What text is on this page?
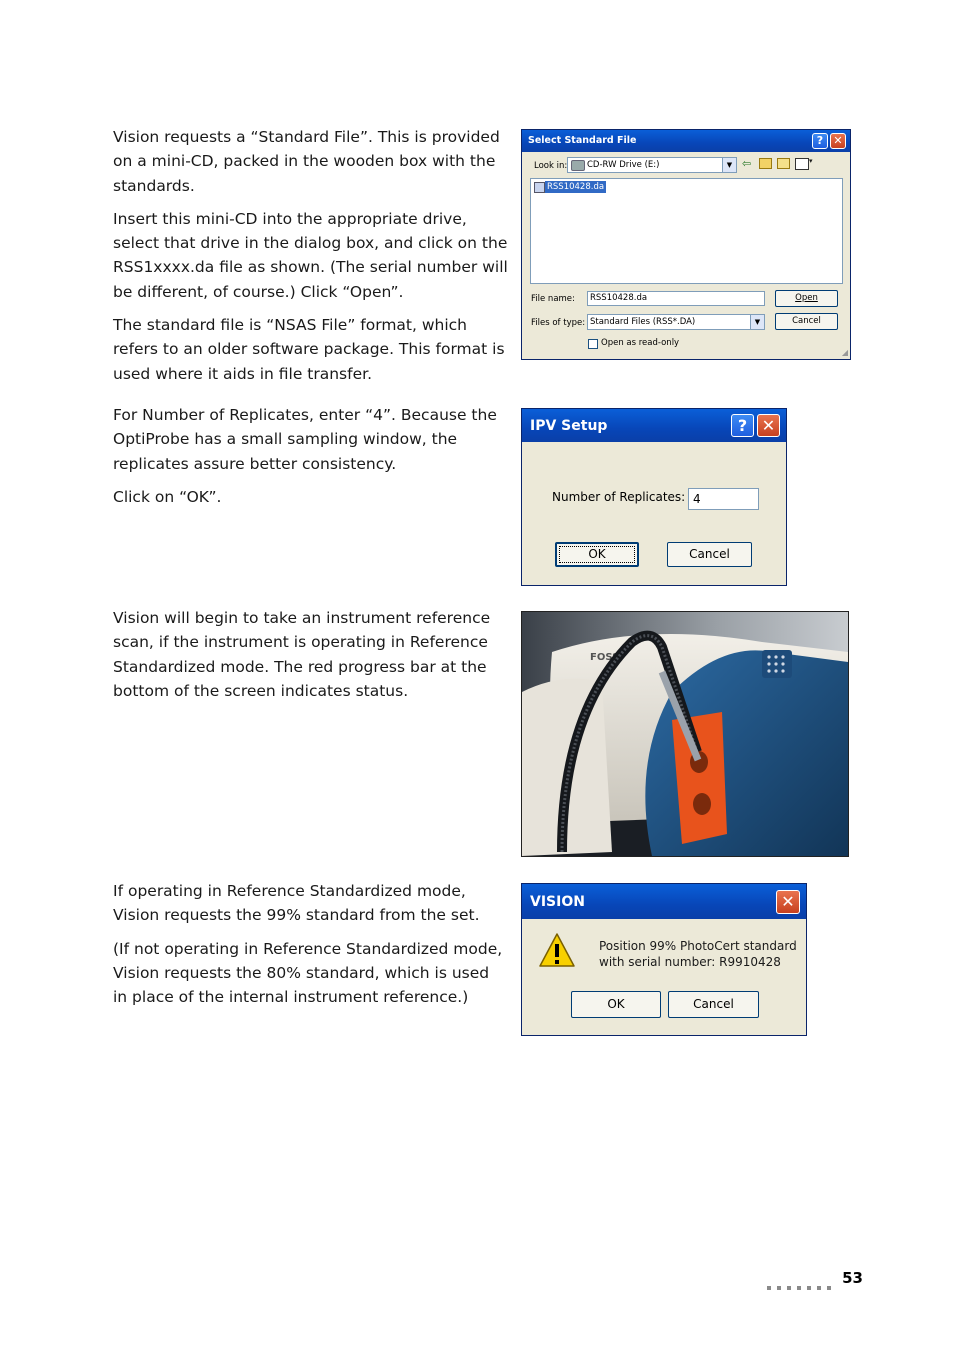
Vision requests a “Standard File”. This is provided on a mini-CD, packed in the wooden box with the standards.

Insert this mini-CD into the appropriate drive, select that drive in the dialog box, and click on the RSS1xxxx.da file as shown. (The serial number will be different, of course.) Click “Open”.

The standard file is “NSAS File” format, which refers to an older software package. This format is used where it aids in file transfer.

For Number of Replicates, enter “4”. Because the OptiProbe has a small sampling window, the replicates assure better consistency.

Click on “OK”.

Vision will begin to take an instrument reference scan, if the instrument is operating in Reference Standardized mode. The red progress bar at the bottom of the screen indicates status.

If operating in Reference Standardized mode, Vision requests the 99% standard from the set.

(If not operating in Reference Standardized mode, Vision requests the 80% standard, which is used in place of the internal instrument reference.)

Select Standard File	? ✕
Look in: CD-RW Drive (E:)	▼ ⇦	▾
RSS10428.da
File name: RSS10428.da	Open
Files of type: Standard Files (RSS*.DA)	▼	Cancel
Open as read-only
◢
IPV Setup	? ✕
Number of Replicates: 4
OK	Cancel
FOSS
VISION	✕
Position 99% PhotoCert standard
with serial number: R9910428
OK	Cancel
53
